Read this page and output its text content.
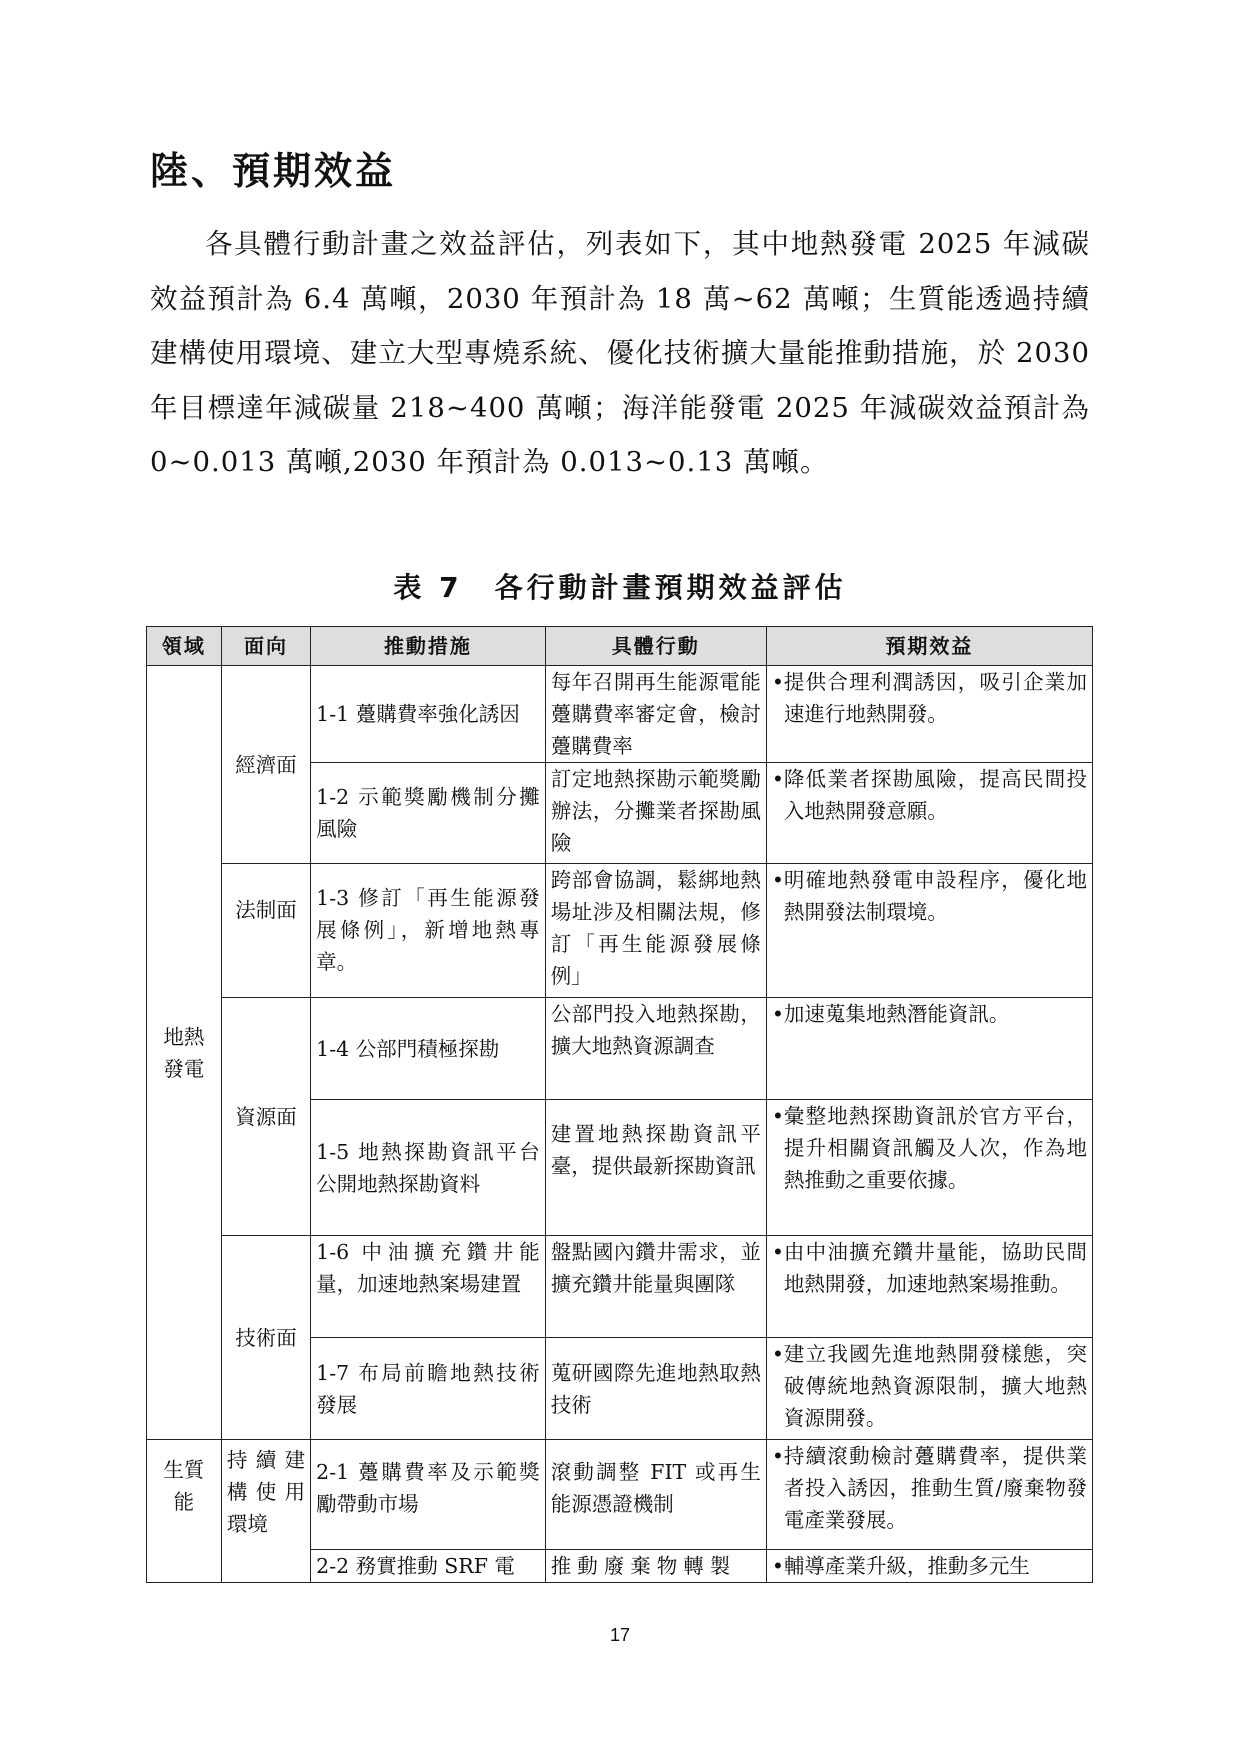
陸、預期效益

各具體行動計畫之效益評估，列表如下，其中地熱發電 2025 年減碳效益預計為 6.4 萬噸，2030 年預計為 18 萬~62 萬噸；生質能透過持續建構使用環境、建立大型專燒系統、優化技術擴大量能推動措施，於 2030 年目標達年減碳量 218~400 萬噸；海洋能發電 2025 年減碳效益預計為 0~0.013 萬噸,2030 年預計為 0.013~0.13 萬噸。

表 7　各行動計畫預期效益評估

領域	面向	推動措施	具體行動	預期效益
地熱發電	經濟面	1-1 躉購費率強化誘因	每年召開再生能源電能躉購費率審定會，檢討躉購費率	• 提供合理利潤誘因，吸引企業加速進行地熱開發。

		1-2 示範獎勵機制分攤風險	訂定地熱探勘示範獎勵辦法，分攤業者探勘風險	• 降低業者探勘風險，提高民間投入地熱開發意願。

	法制面	1-3 修訂「再生能源發展條例」，新增地熱專章。	跨部會協調，鬆綁地熱場址涉及相關法規，修訂「再生能源發展條例」	• 明確地熱發電申設程序，優化地熱開發法制環境。

	資源面	1-4 公部門積極探勘	公部門投入地熱探勘，擴大地熱資源調查	• 加速蒐集地熱潛能資訊。

		1-5 地熱探勘資訊平台公開地熱探勘資料	建置地熱探勘資訊平臺，提供最新探勘資訊	• 彙整地熱探勘資訊於官方平台，提升相關資訊觸及人次，作為地熱推動之重要依據。

	技術面	1-6 中油擴充鑽井能量，加速地熱案場建置	盤點國內鑽井需求，並擴充鑽井能量與團隊	• 由中油擴充鑽井量能，協助民間地熱開發，加速地熱案場推動。

		1-7 布局前瞻地熱技術發展	蒐研國際先進地熱取熱技術	• 建立我國先進地熱開發樣態，突破傳統地熱資源限制，擴大地熱資源開發。

生質能	持續建構使用環境	2-1 躉購費率及示範獎勵帶動市場	滾動調整 FIT 或再生能源憑證機制	• 持續滾動檢討躉購費率，提供業者投入誘因，推動生質/廢棄物發電產業發展。

		2-2 務實推動 SRF 電	推動廢棄物轉製	• 輔導產業升級，推動多元生

17
